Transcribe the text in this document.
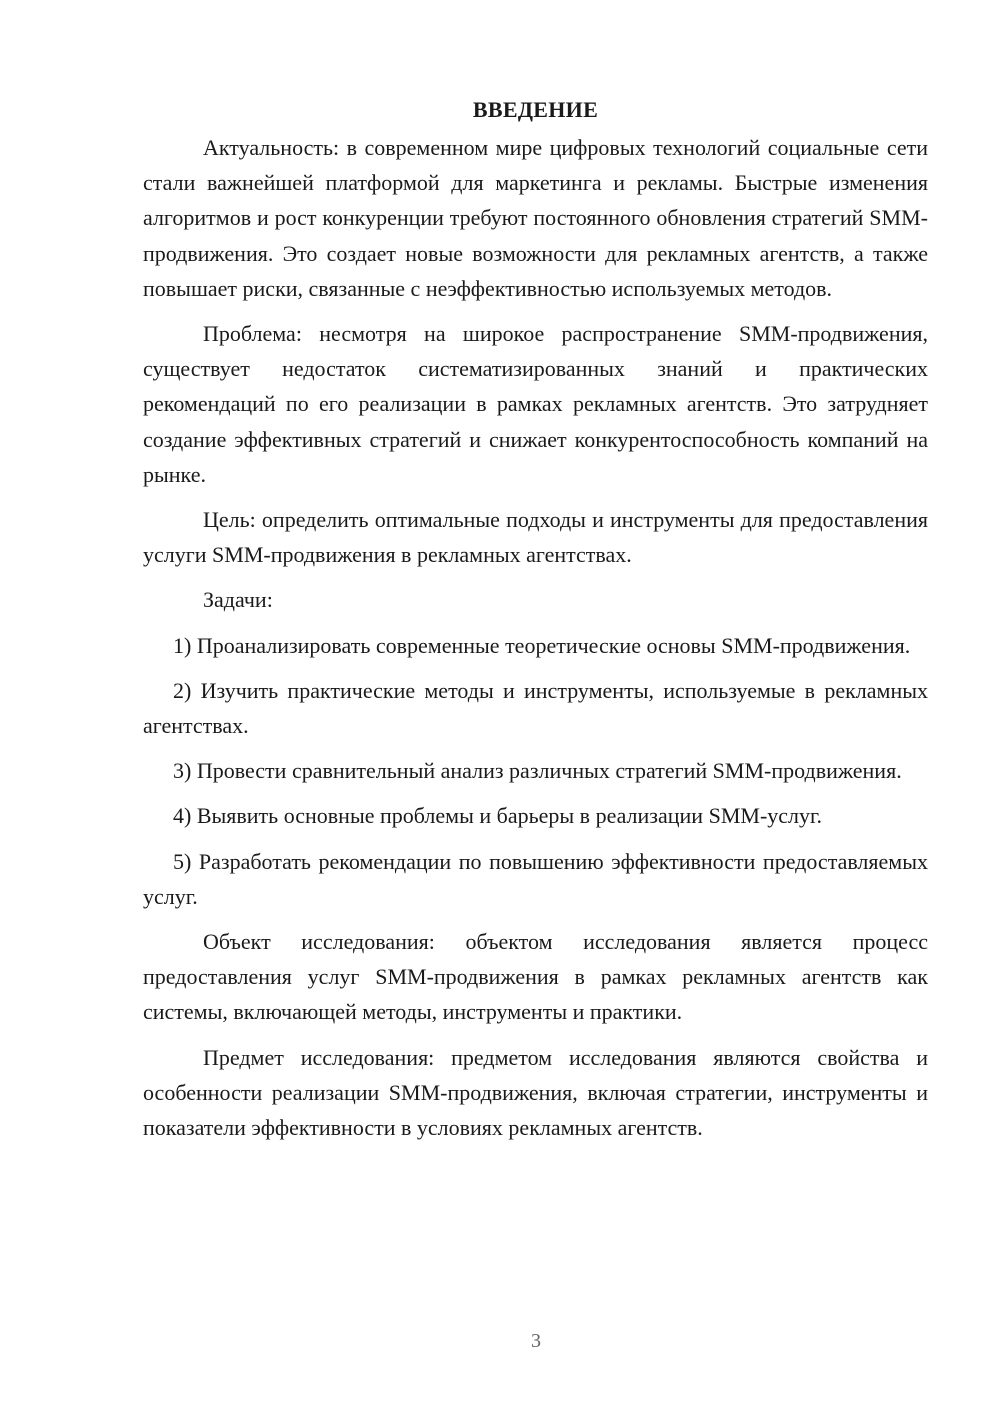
ВВЕДЕНИЕ

Актуальность: в современном мире цифровых технологий социальные сети стали важнейшей платформой для маркетинга и рекламы. Быстрые изменения алгоритмов и рост конкуренции требуют постоянного обновления стратегий SMM-продвижения. Это создает новые возможности для рекламных агентств, а также повышает риски, связанные с неэффективностью используемых методов.

Проблема: несмотря на широкое распространение SMM-продвижения, существует недостаток систематизированных знаний и практических рекомендаций по его реализации в рамках рекламных агентств. Это затрудняет создание эффективных стратегий и снижает конкурентоспособность компаний на рынке.

Цель: определить оптимальные подходы и инструменты для предоставления услуги SMM-продвижения в рекламных агентствах.

Задачи:

1) Проанализировать современные теоретические основы SMM-продвижения.

2) Изучить практические методы и инструменты, используемые в рекламных агентствах.

3) Провести сравнительный анализ различных стратегий SMM-продвижения.

4) Выявить основные проблемы и барьеры в реализации SMM-услуг.

5) Разработать рекомендации по повышению эффективности предоставляемых услуг.

Объект исследования: объектом исследования является процесс предоставления услуг SMM-продвижения в рамках рекламных агентств как системы, включающей методы, инструменты и практики.

Предмет исследования: предметом исследования являются свойства и особенности реализации SMM-продвижения, включая стратегии, инструменты и показатели эффективности в условиях рекламных агентств.

3
